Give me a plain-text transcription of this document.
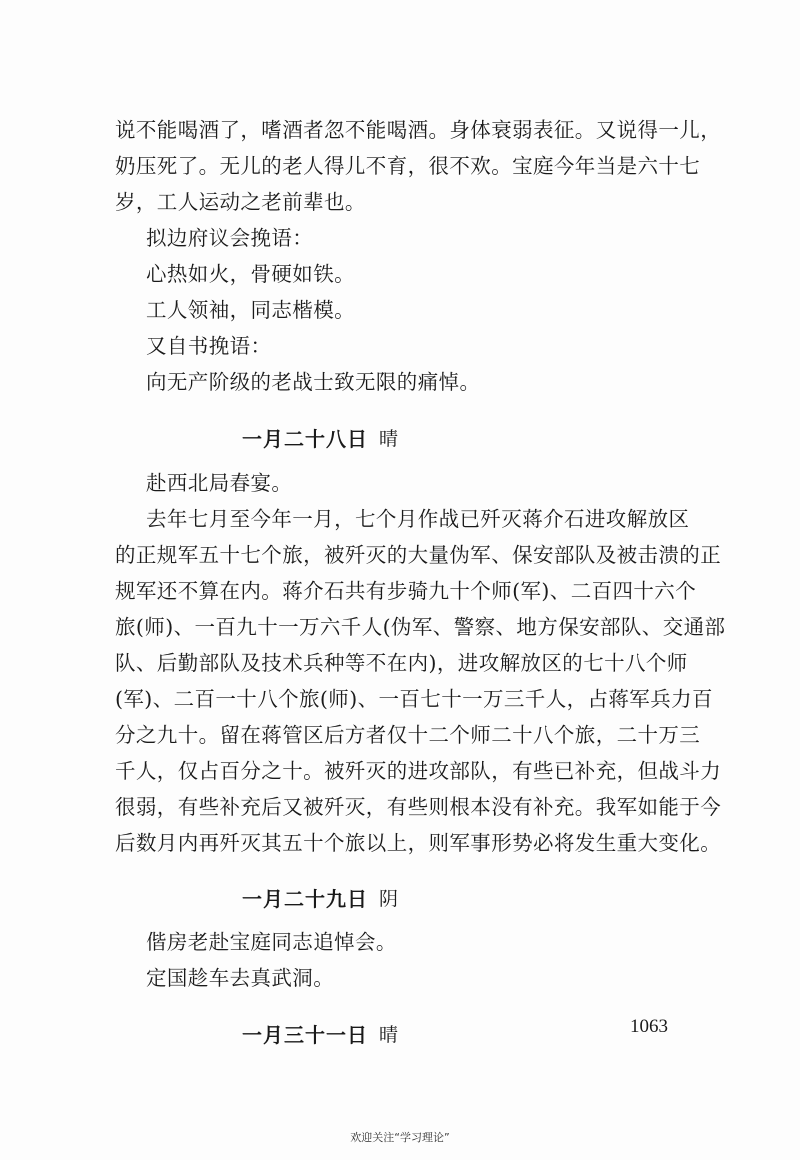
说不能喝酒了，嗜酒者忽不能喝酒。身体衰弱表征。又说得一儿，
奶压死了。无儿的老人得儿不育，很不欢。宝庭今年当是六十七
岁，工人运动之老前辈也。
拟边府议会挽语：
心热如火，骨硬如铁。
工人领袖，同志楷模。
又自书挽语：
向无产阶级的老战士致无限的痛悼。
一月二十八日 晴
赴西北局春宴。
去年七月至今年一月，七个月作战已歼灭蒋介石进攻解放区
的正规军五十七个旅，被歼灭的大量伪军、保安部队及被击溃的正
规军还不算在内。蒋介石共有步骑九十个师(军)、二百四十六个
旅(师)、一百九十一万六千人(伪军、警察、地方保安部队、交通部
队、后勤部队及技术兵种等不在内)，进攻解放区的七十八个师
(军)、二百一十八个旅(师)、一百七十一万三千人，占蒋军兵力百
分之九十。留在蒋管区后方者仅十二个师二十八个旅，二十万三
千人，仅占百分之十。被歼灭的进攻部队，有些已补充，但战斗力
很弱，有些补充后又被歼灭，有些则根本没有补充。我军如能于今
后数月内再歼灭其五十个旅以上，则军事形势必将发生重大变化。
一月二十九日 阴
偕房老赴宝庭同志追悼会。
定国趁车去真武洞。
一月三十一日 晴	1063
欢迎关注“学习理论”
